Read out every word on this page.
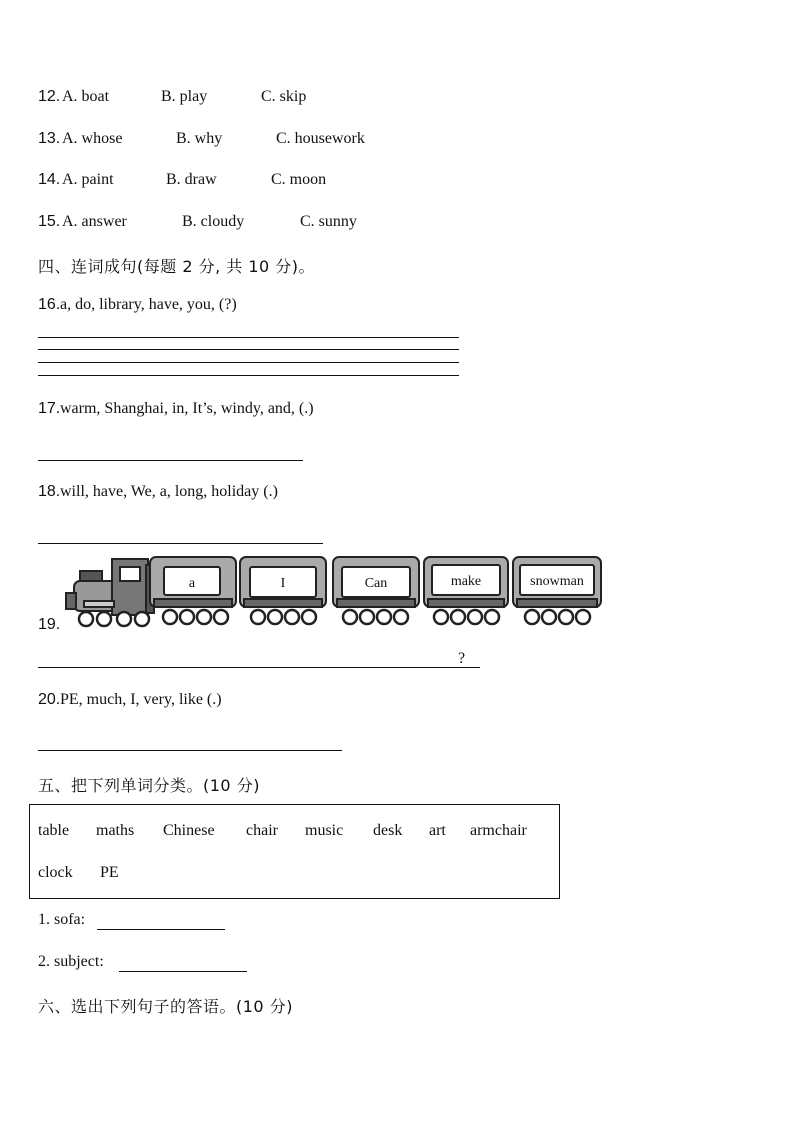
12. A. boat	B. play	C. skip
13. A. whose	B. why	C. housework
14. A. paint	B. draw	C. moon
15. A. answer	B. cloudy	C. sunny
四、连词成句(每题 2 分, 共 10 分)。
16. a, do, library, have, you, (?)
17. warm, Shanghai, in, It’s, windy, and, (.)
18. will, have, We, a, long, holiday (.)
19.
a	I	Can	make	snowman
?
20. PE, much, I, very, like (.)
五、把下列单词分类。(10 分)
table maths Chinese chair music desk art armchair
clock PE
1. sofa:
2. subject:
六、选出下列句子的答语。(10 分)
